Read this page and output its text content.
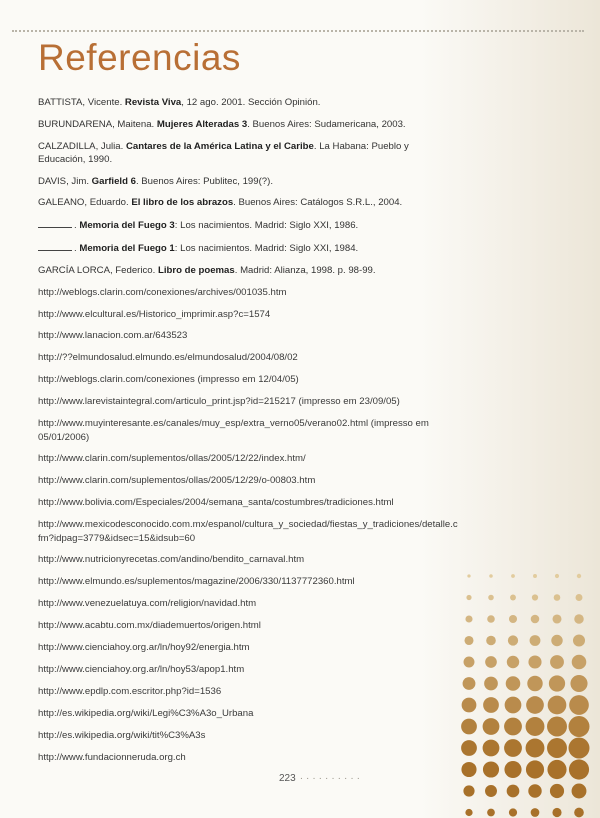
Referencias
BATTISTA, Vicente. Revista Viva, 12 ago. 2001. Sección Opinión.
BURUNDARENA, Maitena. Mujeres Alteradas 3. Buenos Aires: Sudamericana, 2003.
CALZADILLA, Julia. Cantares de la América Latina y el Caribe. La Habana: Pueblo y Educación, 1990.
DAVIS, Jim. Garfield 6. Buenos Aires: Publitec, 199(?).
GALEANO, Eduardo. El libro de los abrazos. Buenos Aires: Catálogos S.R.L., 2004.
. Memoria del Fuego 3: Los nacimientos. Madrid: Siglo XXI, 1986.
. Memoria del Fuego 1: Los nacimientos. Madrid: Siglo XXI, 1984.
GARCÍA LORCA, Federico. Libro de poemas. Madrid: Alianza, 1998. p. 98-99.
http://weblogs.clarin.com/conexiones/archives/001035.htm
http://www.elcultural.es/Historico_imprimir.asp?c=1574
http://www.lanacion.com.ar/643523
http://??elmundosalud.elmundo.es/elmundosalud/2004/08/02
http://weblogs.clarin.com/conexiones (impresso em 12/04/05)
http://www.larevistaintegral.com/articulo_print.jsp?id=215217 (impresso em 23/09/05)
http://www.muyinteresante.es/canales/muy_esp/extra_verno05/verano02.html (impresso em 05/01/2006)
http://www.clarin.com/suplementos/ollas/2005/12/22/index.htm/
http://www.clarin.com/suplementos/ollas/2005/12/29/o-00803.htm
http://www.bolivia.com/Especiales/2004/semana_santa/costumbres/tradiciones.html
http://www.mexicodesconocido.com.mx/espanol/cultura_y_sociedad/fiestas_y_tradiciones/detalle.cfm?idpag=3779&idsec=15&idsub=60
http://www.nutricionyrecetas.com/andino/bendito_carnaval.htm
http://www.elmundo.es/suplementos/magazine/2006/330/1137772360.html
http://www.venezuelatuya.com/religion/navidad.htm
http://www.acabtu.com.mx/diademuertos/origen.html
http://www.cienciahoy.org.ar/ln/hoy92/energia.htm
http://www.cienciahoy.org.ar/ln/hoy53/apop1.htm
http://www.epdlp.com.escritor.php?id=1536
http://es.wikipedia.org/wiki/Legi%C3%A3o_Urbana
http://es.wikipedia.org/wiki/tit%C3%A3s
http://www.fundacionneruda.org.ch
223 ··········
